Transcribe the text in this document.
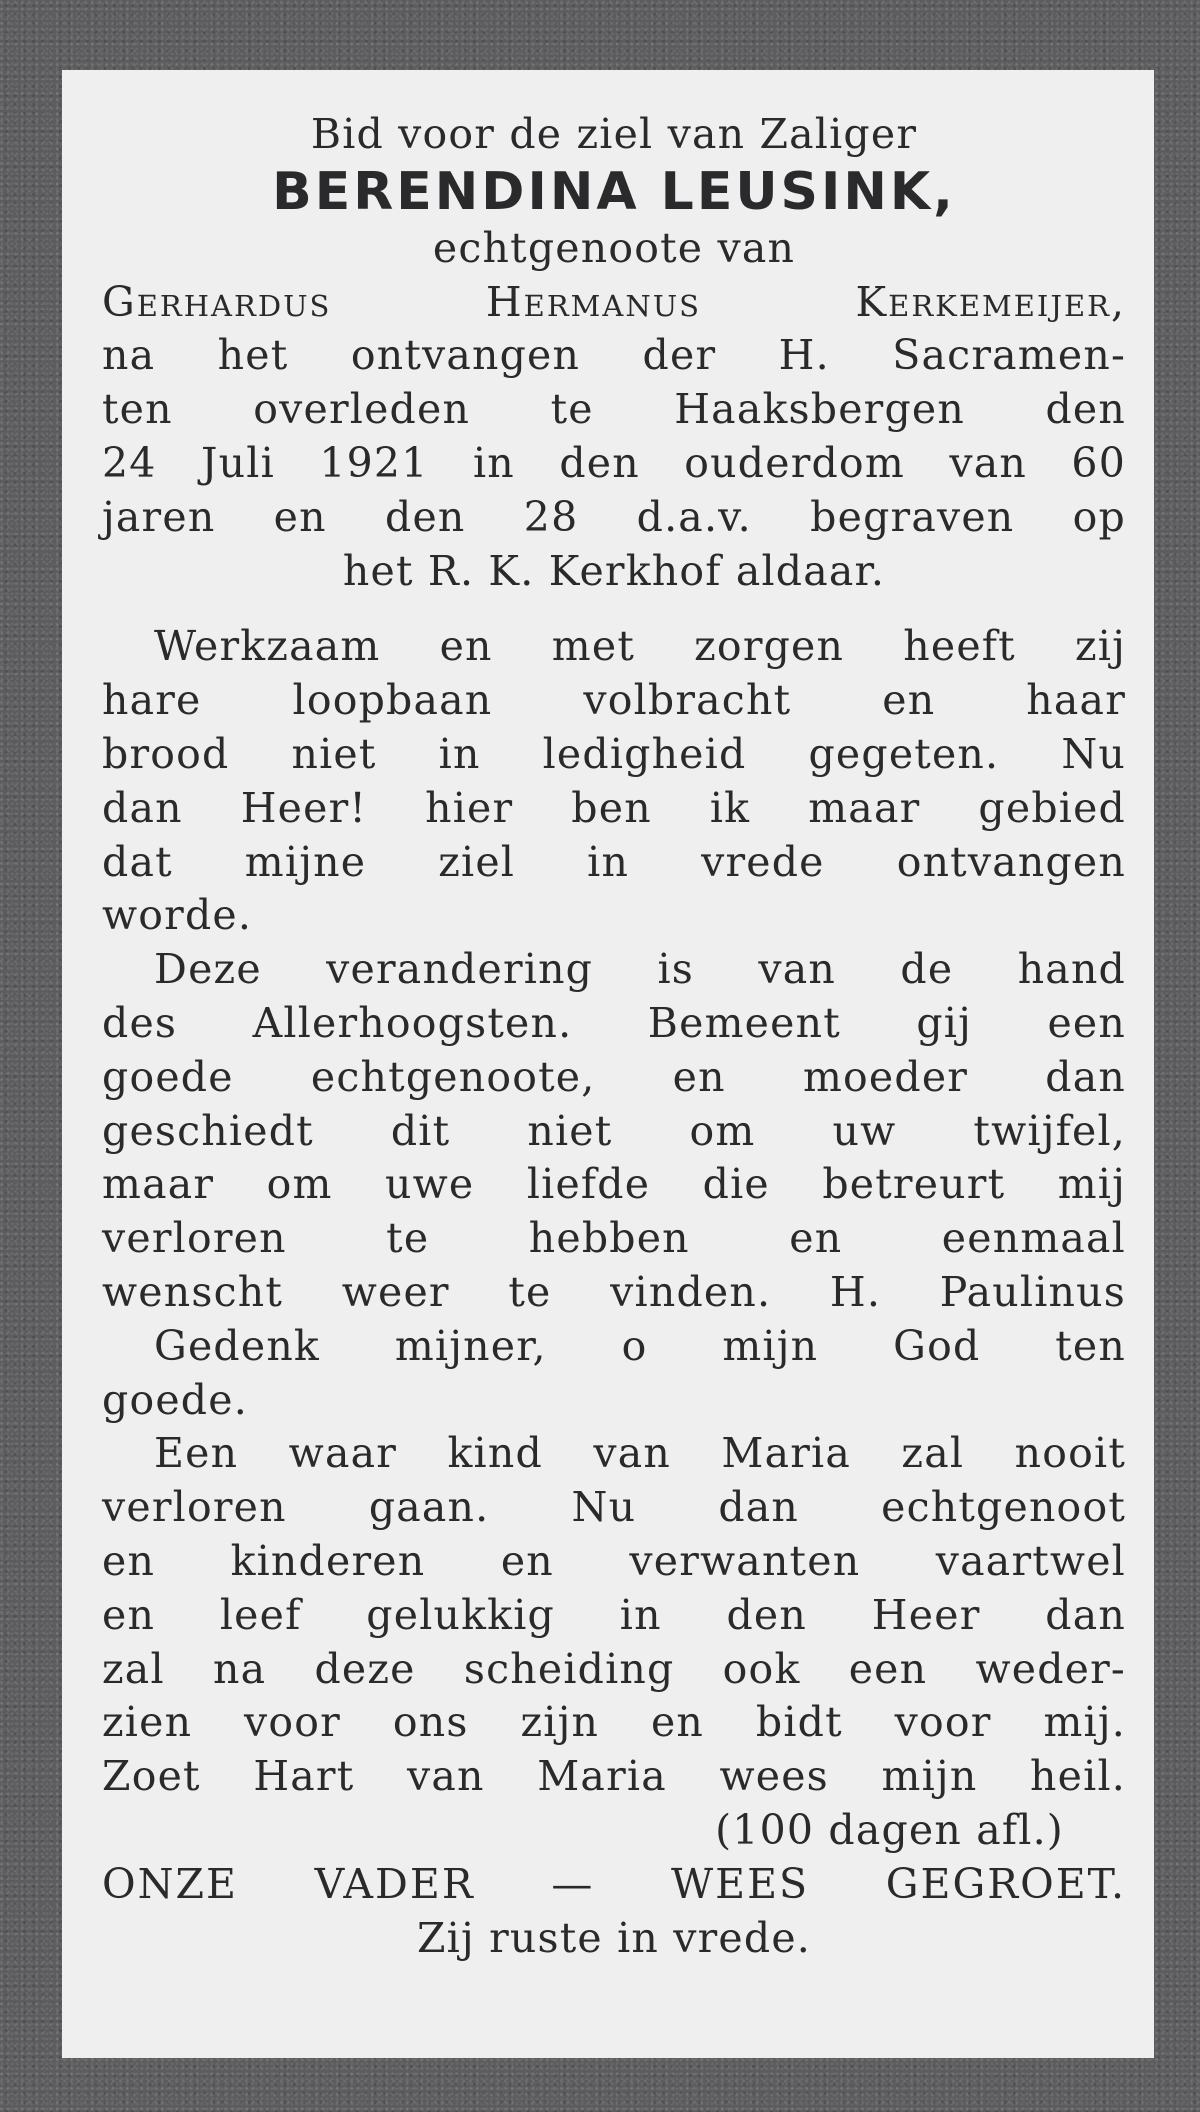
Bid voor de ziel van Zaliger
BERENDINA LEUSINK,
echtgenoote van
Gerhardus Hermanus Kerkemeijer,
na het ontvangen der H. Sacramen-
ten overleden te Haaksbergen den
24 Juli 1921 in den ouderdom van 60
jaren en den 28 d.a.v. begraven op
het R. K. Kerkhof aldaar.
Werkzaam en met zorgen heeft zij
hare loopbaan volbracht en haar
brood niet in ledigheid gegeten. Nu
dan Heer! hier ben ik maar gebied
dat mijne ziel in vrede ontvangen
worde.
Deze verandering is van de hand
des Allerhoogsten. Bemeent gij een
goede echtgenoote, en moeder dan
geschiedt dit niet om uw twijfel,
maar om uwe liefde die betreurt mij
verloren te hebben en eenmaal
wenscht weer te vinden. H. Paulinus
Gedenk mijner, o mijn God ten
goede.
Een waar kind van Maria zal nooit
verloren gaan. Nu dan echtgenoot
en kinderen en verwanten vaartwel
en leef gelukkig in den Heer dan
zal na deze scheiding ook een weder-
zien voor ons zijn en bidt voor mij.
Zoet Hart van Maria wees mijn heil.
(100 dagen afl.)
ONZE VADER — WEES GEGROET.
Zij ruste in vrede.
